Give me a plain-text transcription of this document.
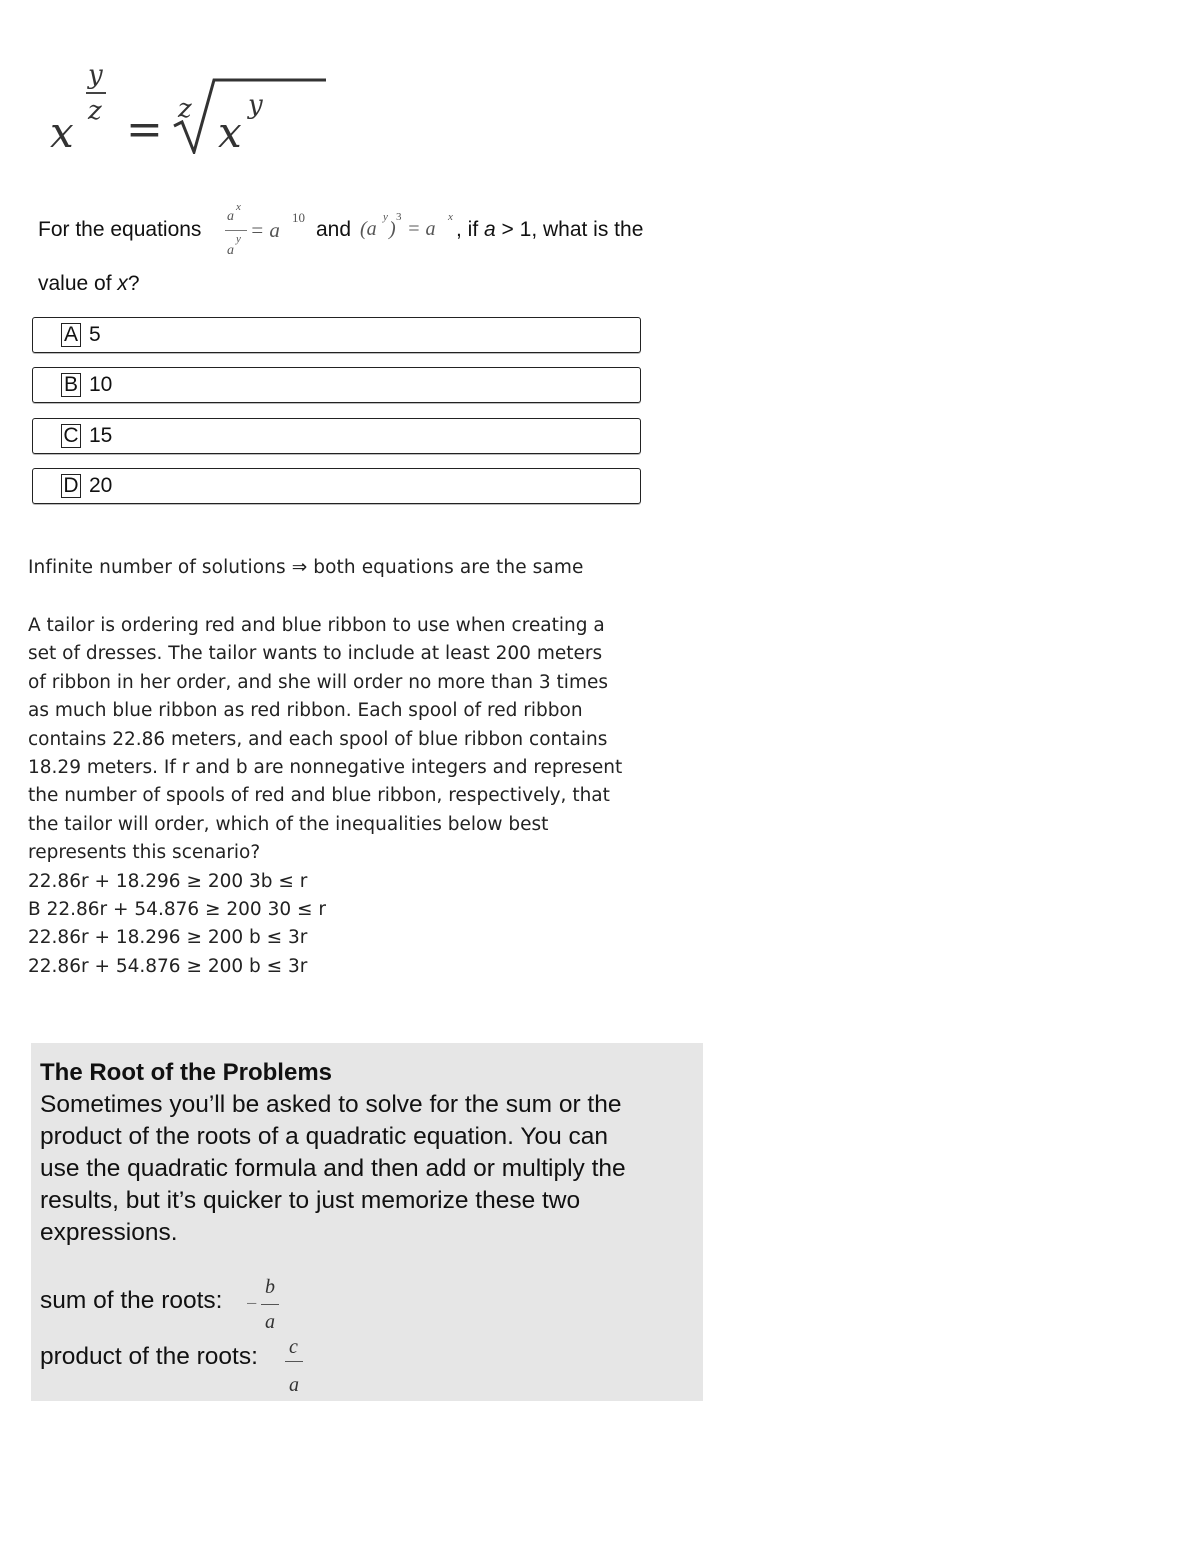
x
y
z = z x
y
For the equations
a
x
a
y = a
10
and (a
y
)
3
= a
x
, if a > 1, what is the
value of x?
A 5
B 10
C 15
D 20
Infinite number of solutions ⇒ both equations are the same
A tailor is ordering red and blue ribbon to use when creating a
set of dresses. The tailor wants to include at least 200 meters
of ribbon in her order, and she will order no more than 3 times
as much blue ribbon as red ribbon. Each spool of red ribbon
contains 22.86 meters, and each spool of blue ribbon contains
18.29 meters. If r and b are nonnegative integers and represent
the number of spools of red and blue ribbon, respectively, that
the tailor will order, which of the inequalities below best
represents this scenario?
22.86r + 18.296 ≥ 200 3b ≤ r
B 22.86r + 54.876 ≥ 200 30 ≤ r
22.86r + 18.296 ≥ 200 b ≤ 3r
22.86r + 54.876 ≥ 200 b ≤ 3r
The Root of the Problems
Sometimes you’ll be asked to solve for the sum or the
product of the roots of a quadratic equation. You can
use the quadratic formula and then add or multiply the
results, but it’s quicker to just memorize these two
expressions.
sum of the roots: −
b
a
product of the roots: c
a
